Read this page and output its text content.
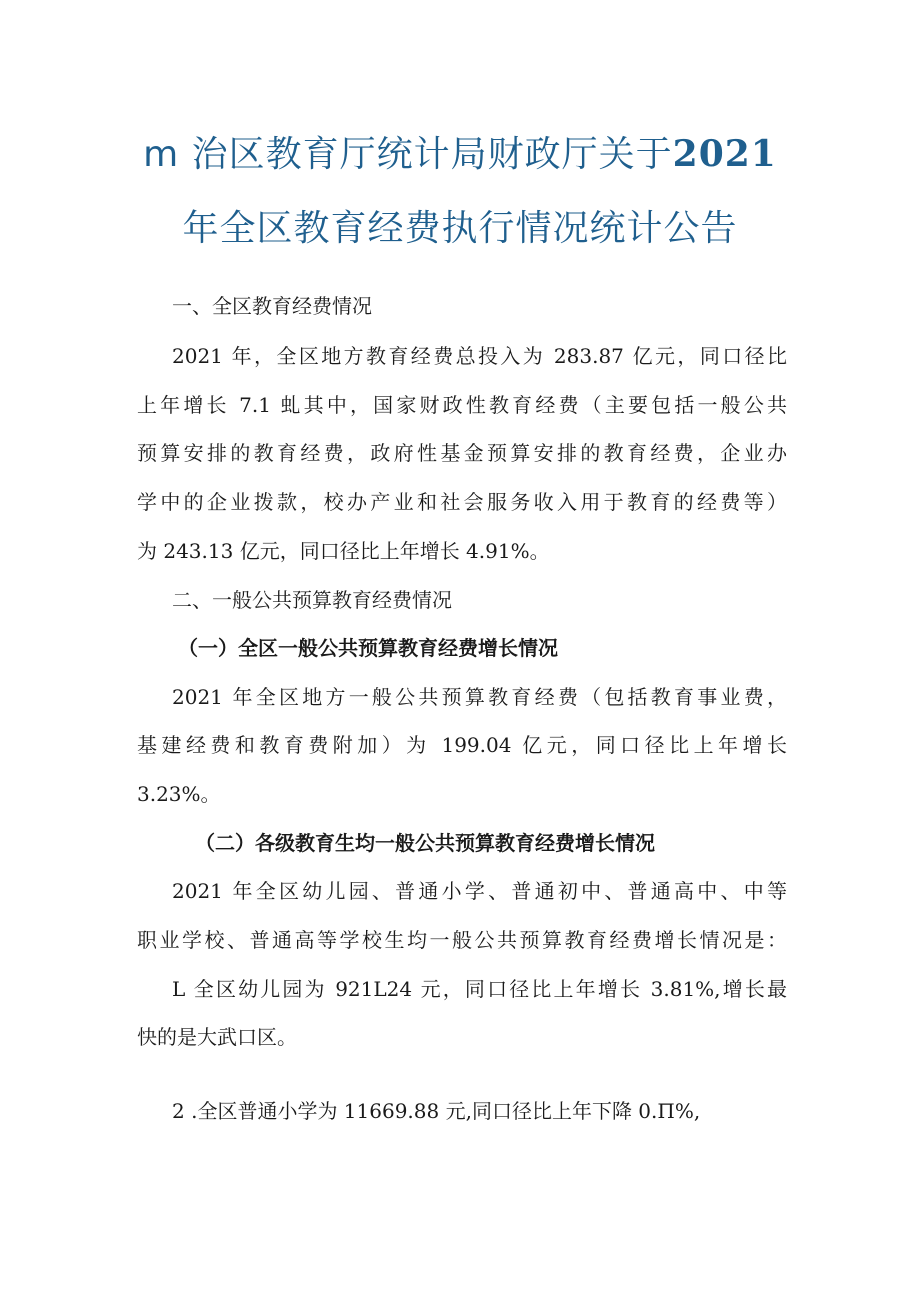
m 治区教育厅统计局财政厅关于2021
年全区教育经费执行情况统计公告
一、全区教育经费情况
2021 年，全区地方教育经费总投入为 283.87 亿元，同口径比
上年增长 7.1 虬其中，国家财政性教育经费（主要包括一般公共
预算安排的教育经费，政府性基金预算安排的教育经费，企业办
学中的企业拨款，校办产业和社会服务收入用于教育的经费等）
为 243.13 亿元，同口径比上年增长 4.91%。
二、一般公共预算教育经费情况
（一）全区一般公共预算教育经费增长情况
2021 年全区地方一般公共预算教育经费（包括教育事业费，
基建经费和教育费附加）为 199.04 亿元，同口径比上年增长
3.23%。
（二）各级教育生均一般公共预算教育经费增长情况
2021 年全区幼儿园、普通小学、普通初中、普通高中、中等
职业学校、普通高等学校生均一般公共预算教育经费增长情况是：
L 全区幼儿园为 921L24 元，同口径比上年增长 3.81%,增长最
快的是大武口区。
2 .全区普通小学为 11669.88 元,同口径比上年下降 0.Π%,
